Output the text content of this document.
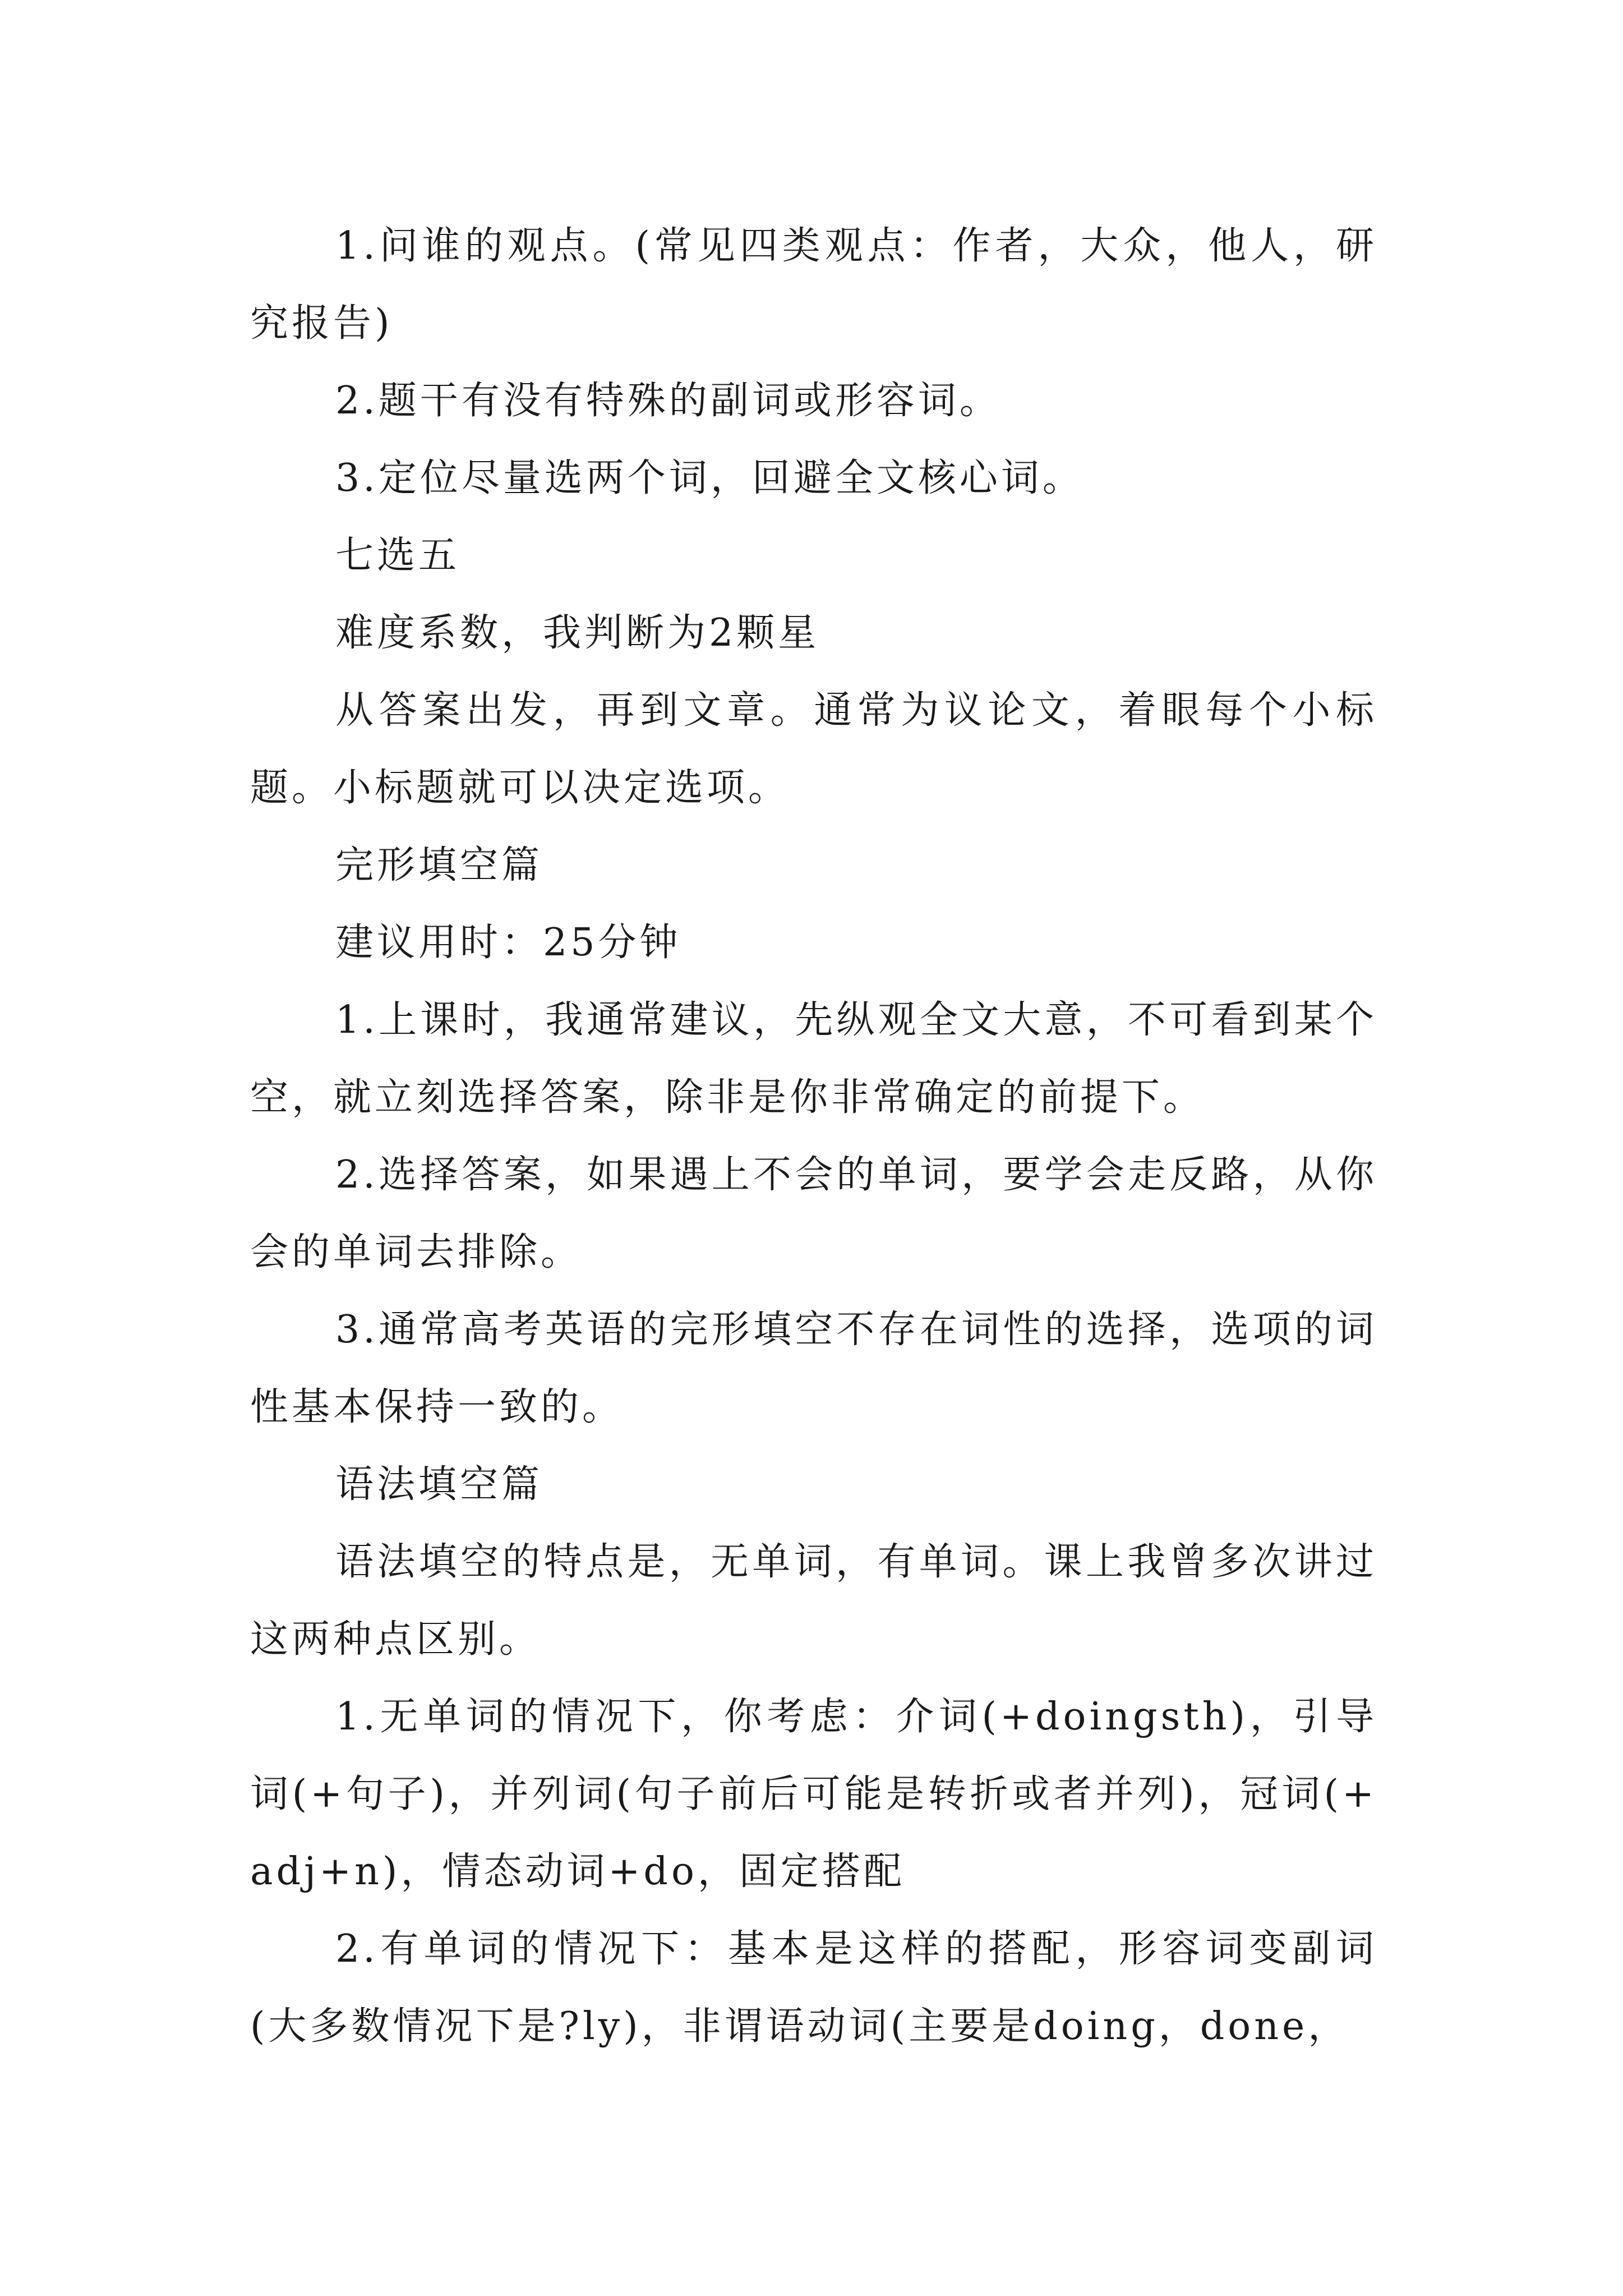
1.问谁的观点。(常见四类观点：作者，大众，他人，研究报告)

2.题干有没有特殊的副词或形容词。

3.定位尽量选两个词，回避全文核心词。

七选五

难度系数，我判断为2颗星

从答案出发，再到文章。通常为议论文，着眼每个小标题。小标题就可以决定选项。

完形填空篇

建议用时：25分钟

1.上课时，我通常建议，先纵观全文大意，不可看到某个空，就立刻选择答案，除非是你非常确定的前提下。

2.选择答案，如果遇上不会的单词，要学会走反路，从你会的单词去排除。

3.通常高考英语的完形填空不存在词性的选择，选项的词性基本保持一致的。

语法填空篇

语法填空的特点是，无单词，有单词。课上我曾多次讲过这两种点区别。

1.无单词的情况下，你考虑：介词(+doingsth)，引导词(+句子)，并列词(句子前后可能是转折或者并列)，冠词(+adj+n)，情态动词+do，固定搭配

2.有单词的情况下：基本是这样的搭配，形容词变副词(大多数情况下是?ly)，非谓语动词(主要是doing，done，
